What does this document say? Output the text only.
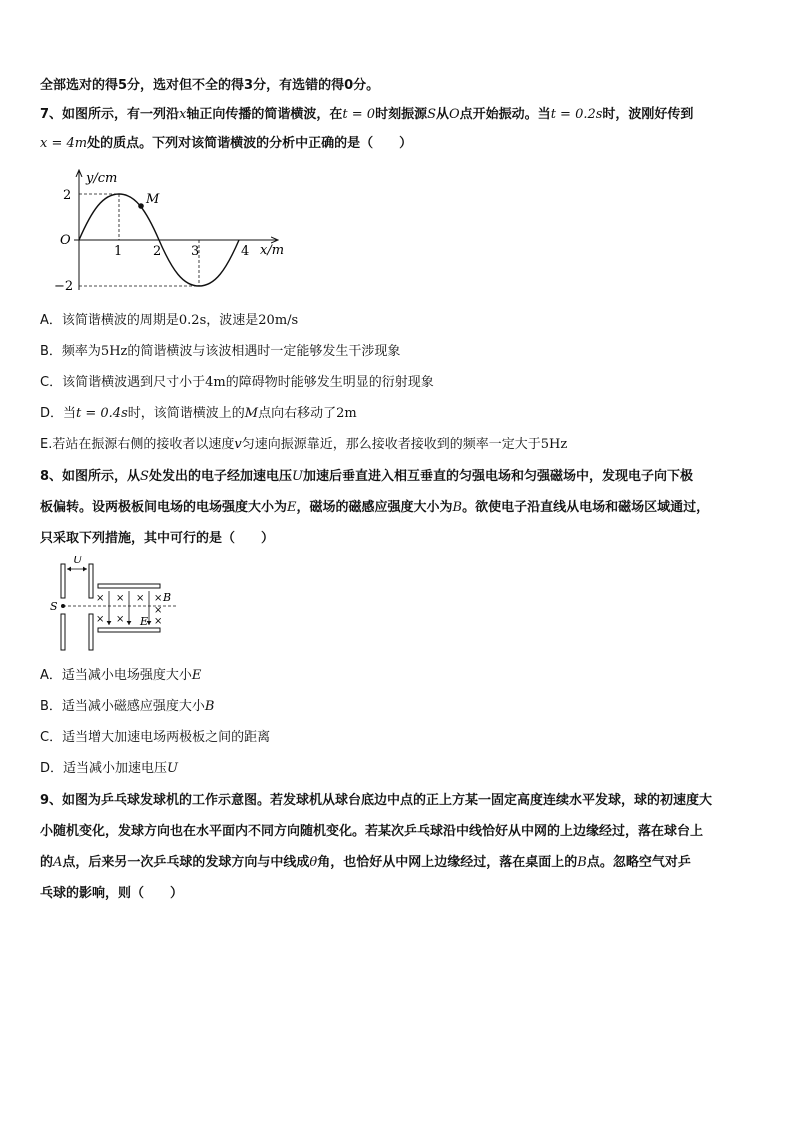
全部选对的得5分，选对但不全的得3分，有选错的得0分。
7、如图所示，有一列沿x轴正向传播的简谐横波，在t = 0时刻振源S从O点开始振动。当t = 0.2s时，波刚好传到
x = 4m处的质点。下列对该简谐横波的分析中正确的是（　　）
M
y/cm
x/m
O
2
−2
1 2 3	4
A．该简谐横波的周期是0.2s，波速是20m/s
B．频率为5Hz的简谐横波与该波相遇时一定能够发生干涉现象
C．该简谐横波遇到尺寸小于4m的障碍物时能够发生明显的衍射现象
D．当t = 0.4s时，该简谐横波上的M点向右移动了2m
E.若站在振源右侧的接收者以速度v匀速向振源靠近，那么接收者接收到的频率一定大于5Hz
8、如图所示，从S处发出的电子经加速电压U加速后垂直进入相互垂直的匀强电场和匀强磁场中，发现电子向下极
板偏转。设两极板间电场的电场强度大小为E，磁场的磁感应强度大小为B。欲使电子沿直线从电场和磁场区域通过，
只采取下列措施，其中可行的是（　　）
U
S
× × × ×
× ×
×
×
B
E
A．适当减小电场强度大小E
B．适当减小磁感应强度大小B
C．适当增大加速电场两极板之间的距离
D．适当减小加速电压U
9、如图为乒乓球发球机的工作示意图。若发球机从球台底边中点的正上方某一固定高度连续水平发球，球的初速度大
小随机变化，发球方向也在水平面内不同方向随机变化。若某次乒乓球沿中线恰好从中网的上边缘经过，落在球台上
的A点，后来另一次乒乓球的发球方向与中线成θ角，也恰好从中网上边缘经过，落在桌面上的B点。忽略空气对乒
乓球的影响，则（　　）
